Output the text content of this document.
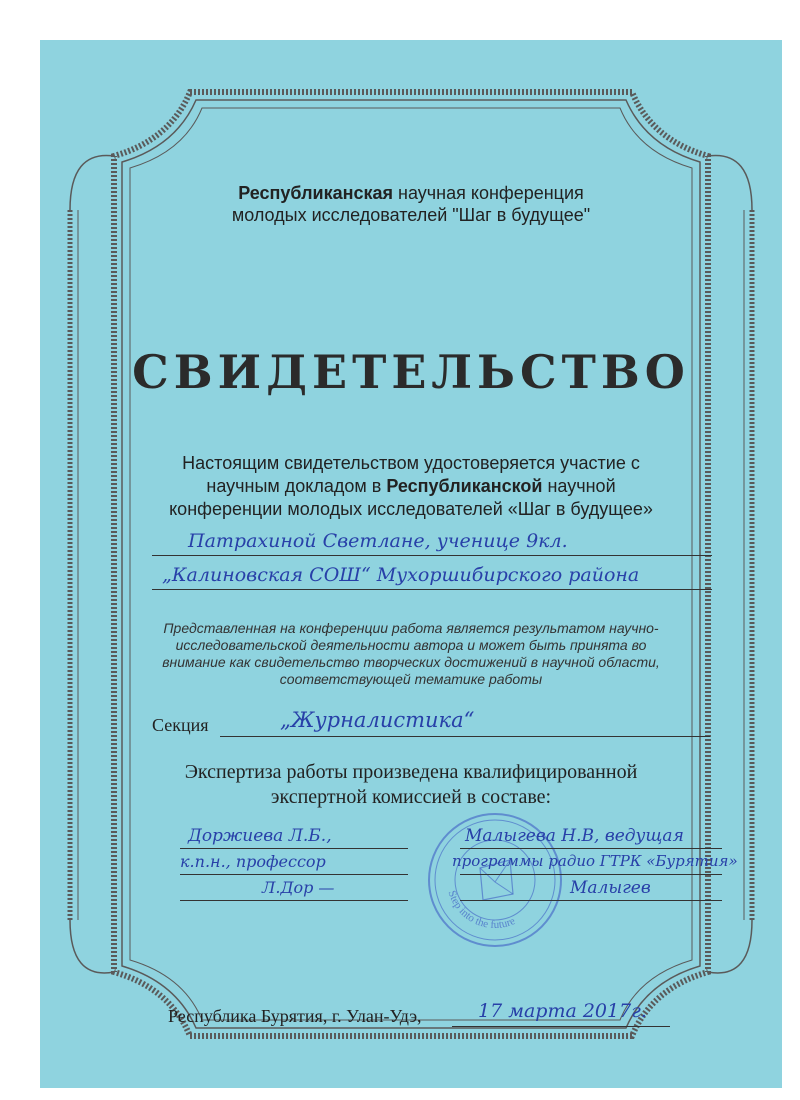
Республиканская научная конференция
молодых исследователей "Шаг в будущее"
СВИДЕТЕЛЬСТВО
Настоящим свидетельством удостоверяется участие с
научным докладом в Республиканской научной
конференции молодых исследователей «Шаг в будущее»
Патрахиной Светлане, ученице 9кл.
„Калиновская СОШ“ Мухоршибирского района
Представленная на конференции работа является результатом научно-
исследовательской деятельности автора и может быть принята во
внимание как свидетельство творческих достижений в научной области,
соответствующей тематике работы
Секция	„Журналистика“
Экспертиза работы произведена квалифицированной
экспертной комиссией в составе:
Step into the future
Доржиева Л.Б.,
к.п.н., профессор
Л.Дор —
Малыгева Н.В, ведущая
программы радио ГТРК «Бурятия»
Малыгев
Республика Бурятия, г. Улан-Удэ,	17 марта 2017г.
